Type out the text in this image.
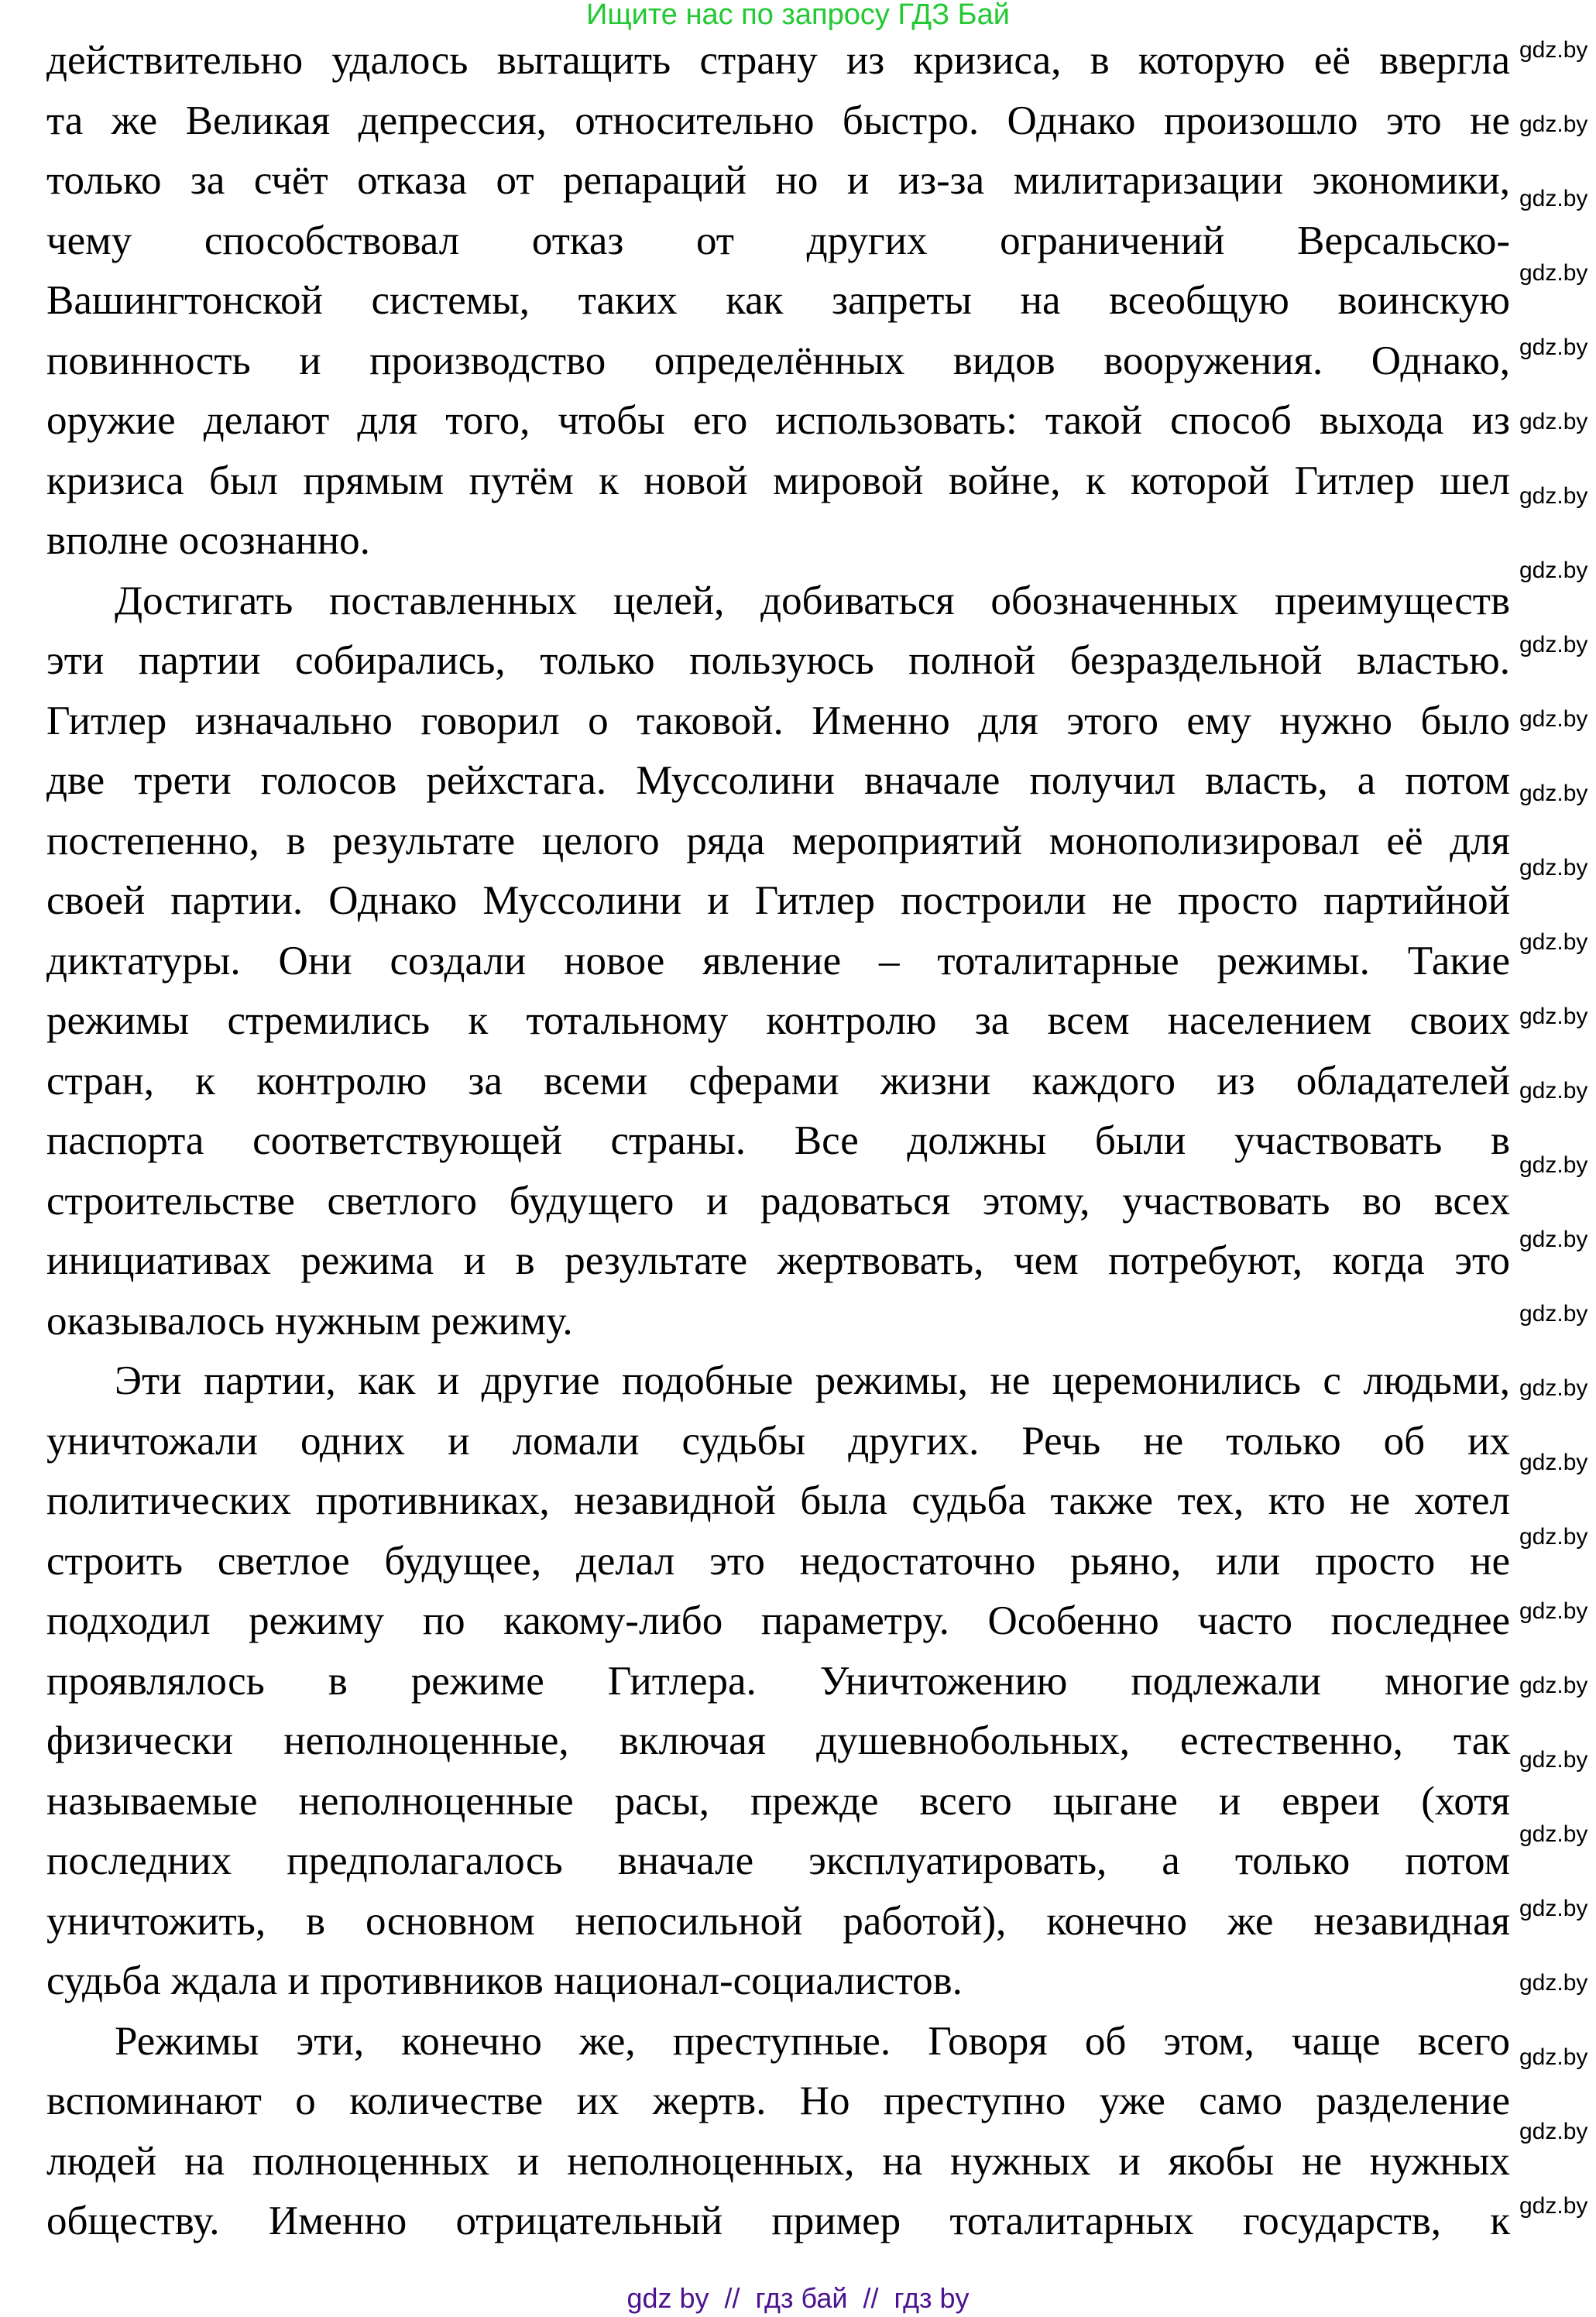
Ищите нас по запросу ГДЗ Бай
действительно удалось вытащить страну из кризиса, в которую её ввергла
та же Великая депрессия, относительно быстро. Однако произошло это не
только за счёт отказа от репараций но и из-за милитаризации экономики,
чему способствовал отказ от других ограничений Версальско-
Вашингтонской системы, таких как запреты на всеобщую воинскую
повинность и производство определённых видов вооружения. Однако,
оружие делают для того, чтобы его использовать: такой способ выхода из
кризиса был прямым путём к новой мировой войне, к которой Гитлер шел
вполне осознанно.
Достигать поставленных целей, добиваться обозначенных преимуществ
эти партии собирались, только пользуюсь полной безраздельной властью.
Гитлер изначально говорил о таковой. Именно для этого ему нужно было
две трети голосов рейхстага. Муссолини вначале получил власть, а потом
постепенно, в результате целого ряда мероприятий монополизировал её для
своей партии. Однако Муссолини и Гитлер построили не просто партийной
диктатуры. Они создали новое явление – тоталитарные режимы. Такие
режимы стремились к тотальному контролю за всем населением своих
стран, к контролю за всеми сферами жизни каждого из обладателей
паспорта соответствующей страны. Все должны были участвовать в
строительстве светлого будущего и радоваться этому, участвовать во всех
инициативах режима и в результате жертвовать, чем потребуют, когда это
оказывалось нужным режиму.
Эти партии, как и другие подобные режимы, не церемонились с людьми,
уничтожали одних и ломали судьбы других. Речь не только об их
политических противниках, незавидной была судьба также тех, кто не хотел
строить светлое будущее, делал это недостаточно рьяно, или просто не
подходил режиму по какому-либо параметру. Особенно часто последнее
проявлялось в режиме Гитлера. Уничтожению подлежали многие
физически неполноценные, включая душевнобольных, естественно, так
называемые неполноценные расы, прежде всего цыгане и евреи (хотя
последних предполагалось вначале эксплуатировать, а только потом
уничтожить, в основном непосильной работой), конечно же незавидная
судьба ждала и противников национал-социалистов.
Режимы эти, конечно же, преступные. Говоря об этом, чаще всего
вспоминают о количестве их жертв. Но преступно уже само разделение
людей на полноценных и неполноценных, на нужных и якобы не нужных
обществу. Именно отрицательный пример тоталитарных государств, к
gdz.by
gdz.by
gdz.by
gdz.by
gdz.by
gdz.by
gdz.by
gdz.by
gdz.by
gdz.by
gdz.by
gdz.by
gdz.by
gdz.by
gdz.by
gdz.by
gdz.by
gdz.by
gdz.by
gdz.by
gdz.by
gdz.by
gdz.by
gdz.by
gdz.by
gdz.by
gdz.by
gdz.by
gdz.by
gdz.by
gdz by  //  гдз бай  //  гдз by
